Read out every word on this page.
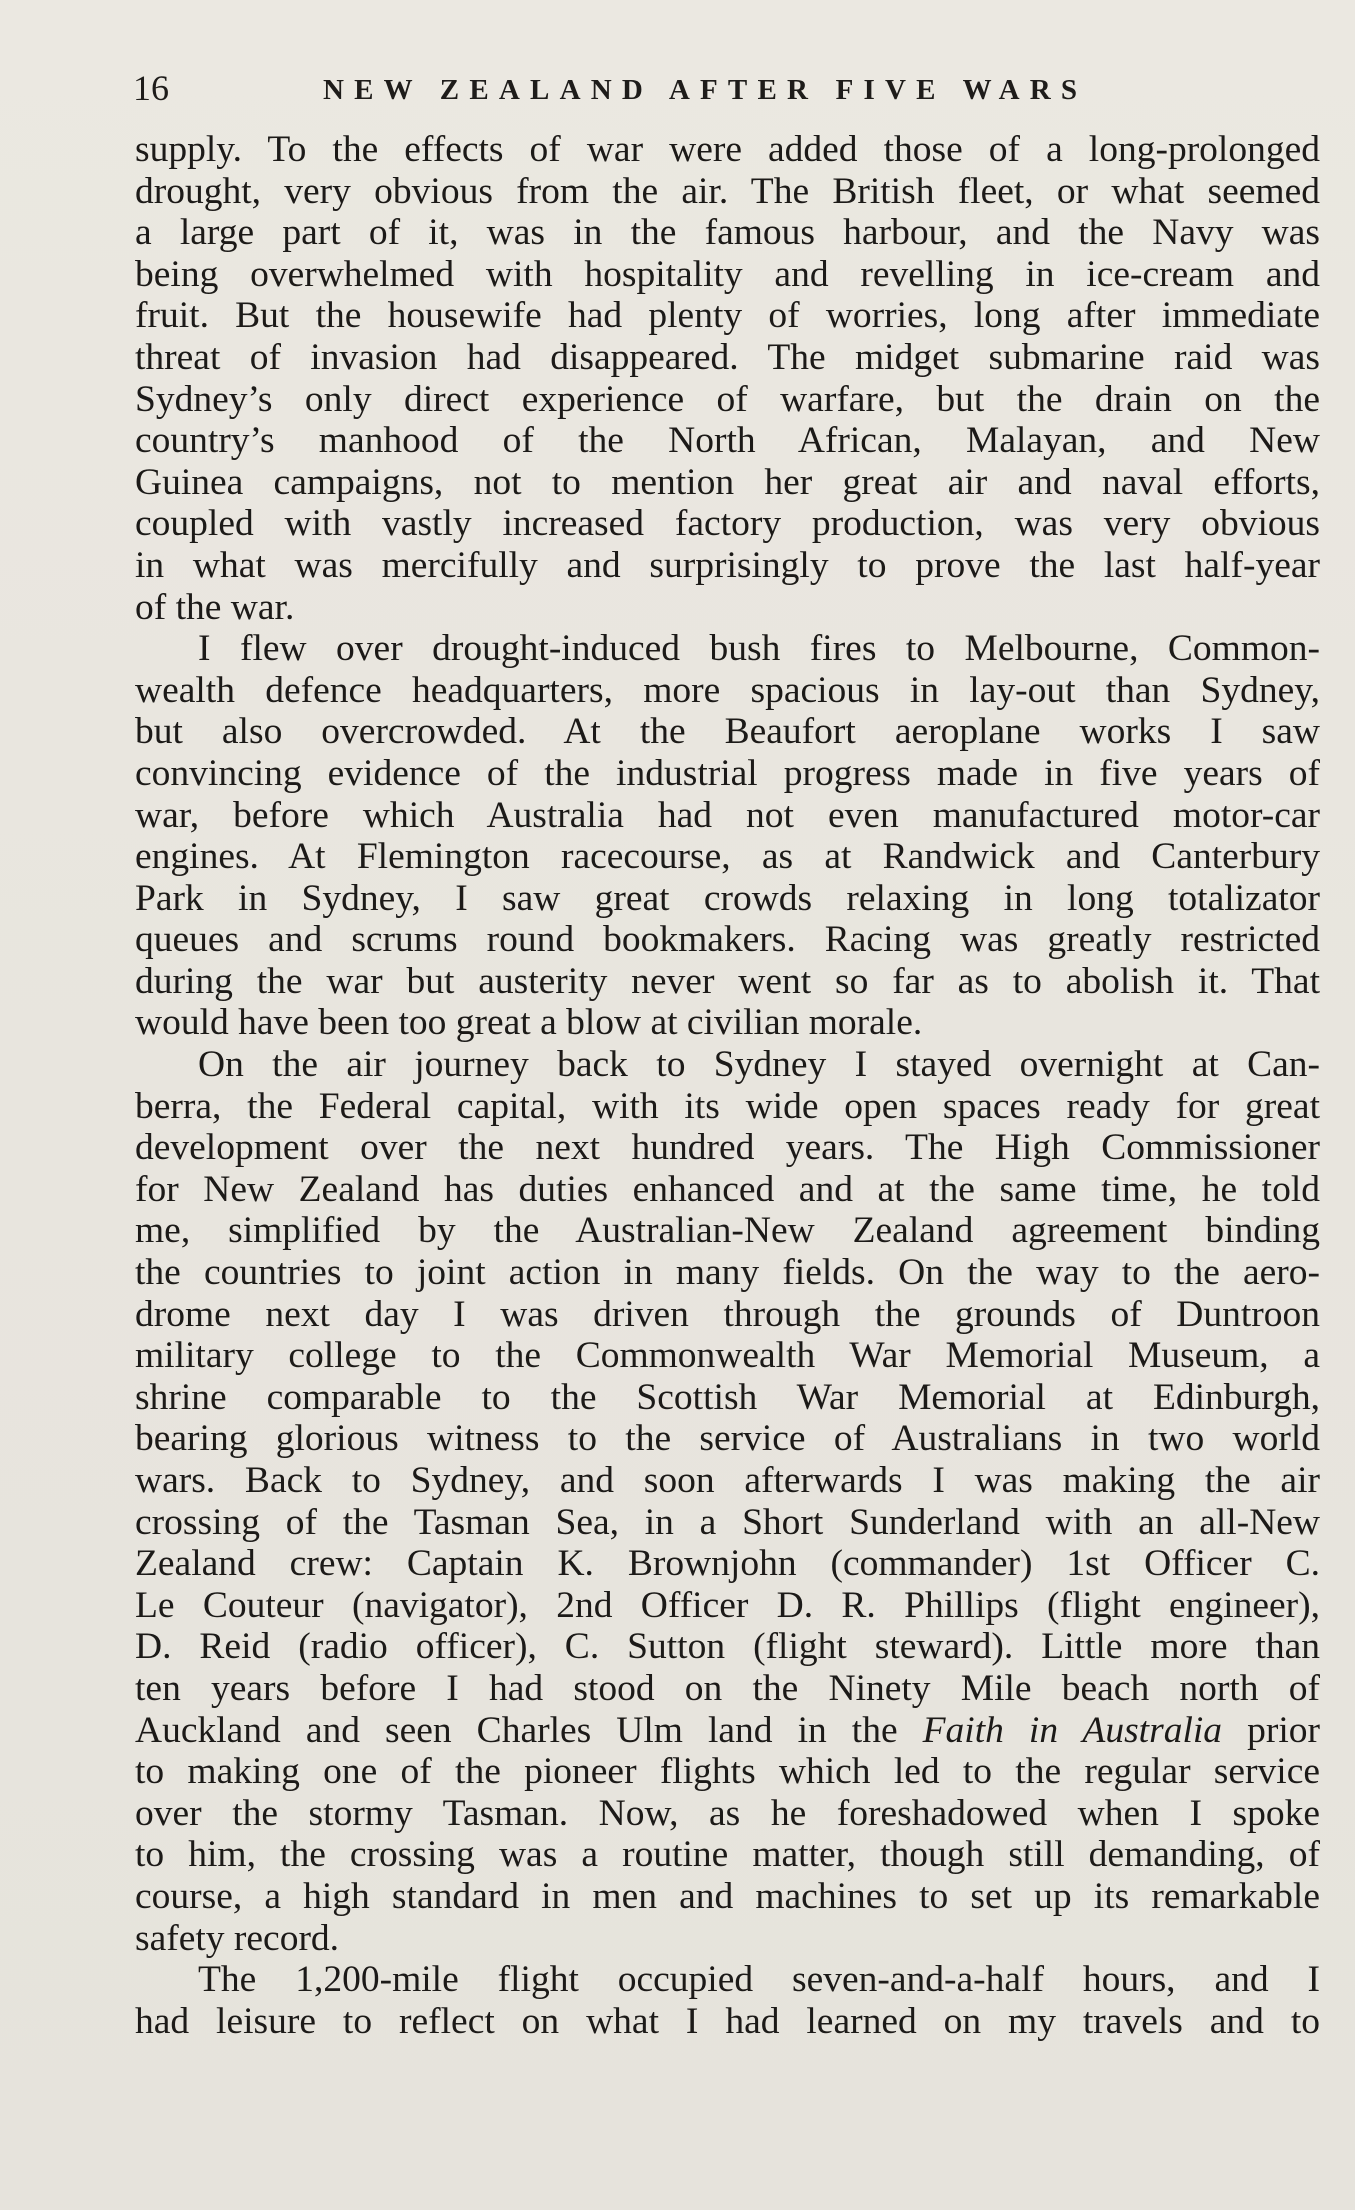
16	NEW ZEALAND AFTER FIVE WARS
supply. To the effects of war were added those of a long-prolonged
drought, very obvious from the air. The British fleet, or what seemed
a large part of it, was in the famous harbour, and the Navy was
being overwhelmed with hospitality and revelling in ice-cream and
fruit. But the housewife had plenty of worries, long after immediate
threat of invasion had disappeared. The midget submarine raid was
Sydney’s only direct experience of warfare, but the drain on the
country’s manhood of the North African, Malayan, and New
Guinea campaigns, not to mention her great air and naval efforts,
coupled with vastly increased factory production, was very obvious
in what was mercifully and surprisingly to prove the last half-year
of the war.
I flew over drought-induced bush fires to Melbourne, Common-
wealth defence headquarters, more spacious in lay-out than Sydney,
but also overcrowded. At the Beaufort aeroplane works I saw
convincing evidence of the industrial progress made in five years of
war, before which Australia had not even manufactured motor-car
engines. At Flemington racecourse, as at Randwick and Canterbury
Park in Sydney, I saw great crowds relaxing in long totalizator
queues and scrums round bookmakers. Racing was greatly restricted
during the war but austerity never went so far as to abolish it. That
would have been too great a blow at civilian morale.
On the air journey back to Sydney I stayed overnight at Can-
berra, the Federal capital, with its wide open spaces ready for great
development over the next hundred years. The High Commissioner
for New Zealand has duties enhanced and at the same time, he told
me, simplified by the Australian-New Zealand agreement binding
the countries to joint action in many fields. On the way to the aero-
drome next day I was driven through the grounds of Duntroon
military college to the Commonwealth War Memorial Museum, a
shrine comparable to the Scottish War Memorial at Edinburgh,
bearing glorious witness to the service of Australians in two world
wars. Back to Sydney, and soon afterwards I was making the air
crossing of the Tasman Sea, in a Short Sunderland with an all-New
Zealand crew: Captain K. Brownjohn (commander) 1st Officer C.
Le Couteur (navigator), 2nd Officer D. R. Phillips (flight engineer),
D. Reid (radio officer), C. Sutton (flight steward). Little more than
ten years before I had stood on the Ninety Mile beach north of
Auckland and seen Charles Ulm land in the Faith in Australia prior
to making one of the pioneer flights which led to the regular service
over the stormy Tasman. Now, as he foreshadowed when I spoke
to him, the crossing was a routine matter, though still demanding, of
course, a high standard in men and machines to set up its remarkable
safety record.
The 1,200-mile flight occupied seven-and-a-half hours, and I
had leisure to reflect on what I had learned on my travels and to
